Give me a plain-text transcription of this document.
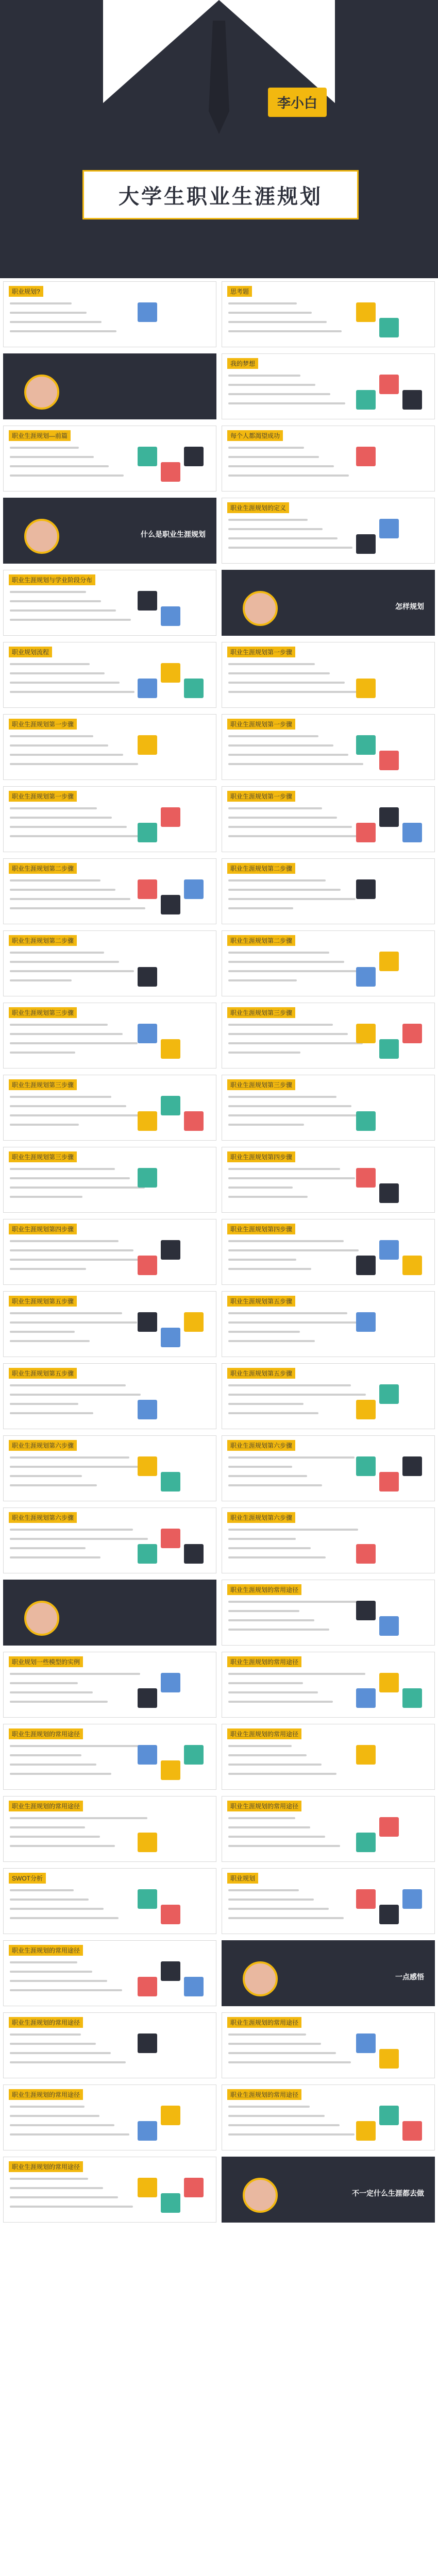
李小白
大学生职业生涯规划
职业规划?	思考题
我的梦想
职业生涯规划—前篇	每个人都渴望成功
什么是职业生涯规划
职业生涯规划的定义
职业生涯规划与学业阶段分布
怎样规划
职业规划流程	职业生涯规划第一步骤
职业生涯规划第一步骤	职业生涯规划第一步骤
职业生涯规划第一步骤	职业生涯规划第一步骤
职业生涯规划第二步骤	职业生涯规划第二步骤
职业生涯规划第二步骤	职业生涯规划第二步骤
职业生涯规划第三步骤	职业生涯规划第三步骤
职业生涯规划第三步骤	职业生涯规划第三步骤
职业生涯规划第三步骤	职业生涯规划第四步骤
职业生涯规划第四步骤	职业生涯规划第四步骤
职业生涯规划第五步骤	职业生涯规划第五步骤
职业生涯规划第五步骤	职业生涯规划第五步骤
职业生涯规划第六步骤	职业生涯规划第六步骤
职业生涯规划第六步骤	职业生涯规划第六步骤
职业生涯规划的常用途径
职业规划一些模型的实例	职业生涯规划的常用途径
职业生涯规划的常用途径	职业生涯规划的常用途径
职业生涯规划的常用途径	职业生涯规划的常用途径
SWOT分析	职业规划
职业生涯规划的常用途径
一点感悟
职业生涯规划的常用途径	职业生涯规划的常用途径
职业生涯规划的常用途径	职业生涯规划的常用途径
职业生涯规划的常用途径
不一定什么生涯都去做
